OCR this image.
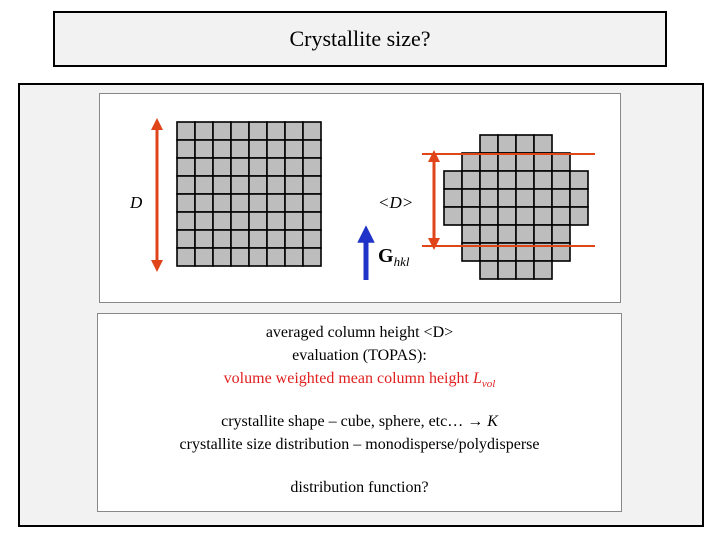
Crystallite size?
D	<D>
$G_{hkl}$
averaged column height <D>
evaluation (TOPAS):
volume weighted mean column height $L_{vol}$
crystallite shape – cube, sphere, etc… → K
crystallite size distribution – monodisperse/polydisperse
distribution function?
